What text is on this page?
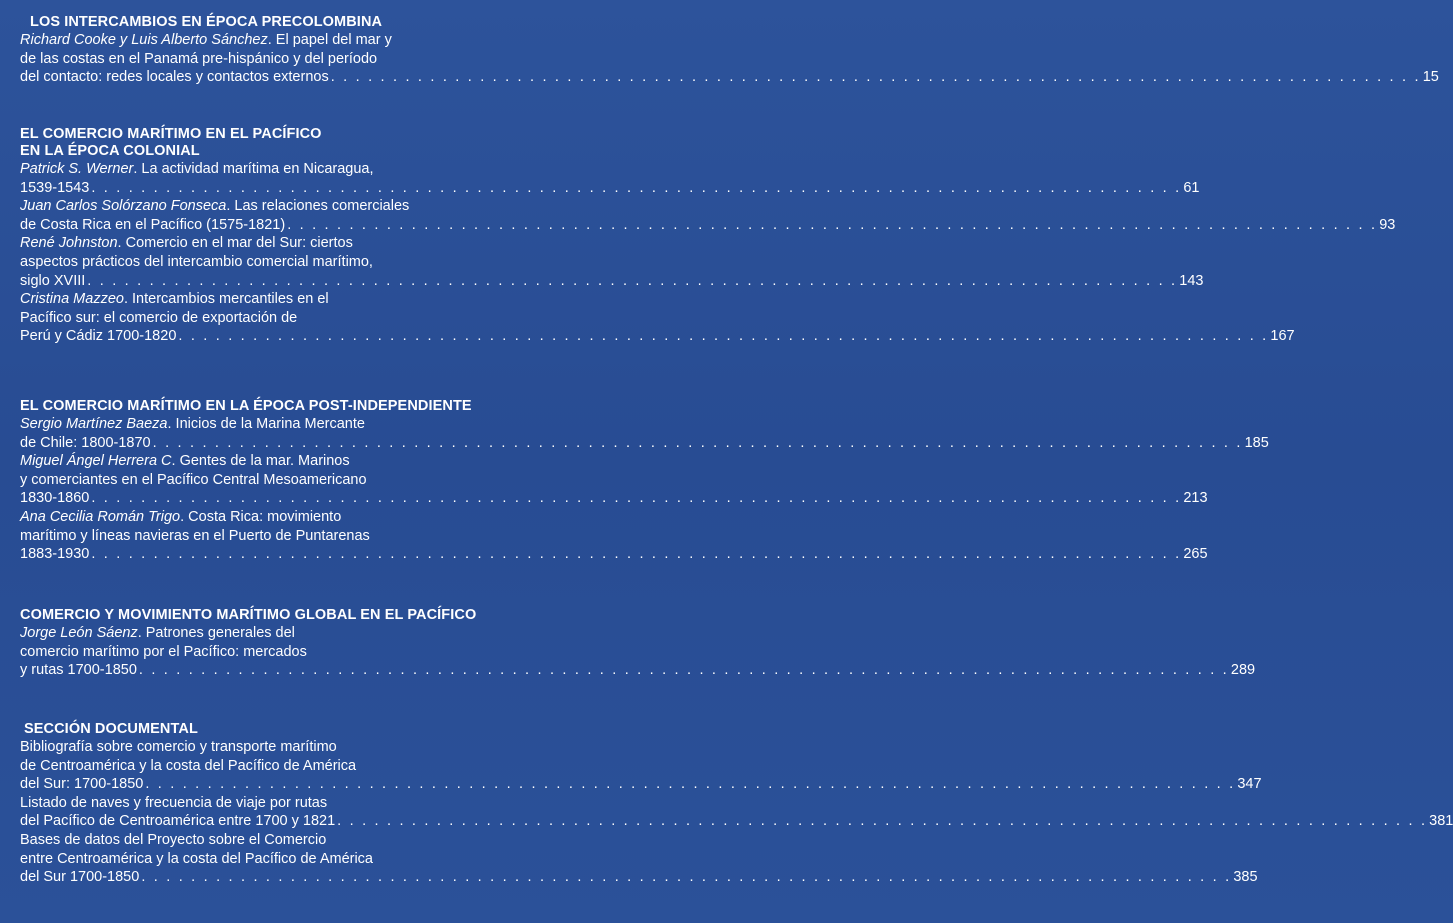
LOS INTERCAMBIOS EN ÉPOCA PRECOLOMBINA
Richard Cooke y Luis Alberto Sánchez. El papel del mar y
de las costas en el Panamá pre-hispánico y del período
del contacto: redes locales y contactos externos . . . . . . . . . . . . . . . . . . . . . . . . . . . . . . . . . . . . . . . . . . . . . . . . . . . . . . . . . . . . . . . . . . . . . . . . . . . . . . . . . . . . . . . . 15
EL COMERCIO MARÍTIMO EN EL PACÍFICO
EN LA ÉPOCA COLONIAL
Patrick S. Werner. La actividad marítima en Nicaragua,
1539-1543 . . . . . . . . . . . . . . . . . . . . . . . . . . . . . . . . . . . . . . . . . . . . . . . . . . . . . . . . . . . . . . . . . . . . . . . . . . . . . . . . . . . . . . . . 61
Juan Carlos Solórzano Fonseca. Las relaciones comerciales
de Costa Rica en el Pacífico (1575-1821) . . . . . . . . . . . . . . . . . . . . . . . . . . . . . . . . . . . . . . . . . . . . . . . . . . . . . . . . . . . . . . . . . . . . . . . . . . . . . . . . . . . . . . . . 93
René Johnston. Comercio en el mar del Sur: ciertos
aspectos prácticos del intercambio comercial marítimo,
siglo XVIII . . . . . . . . . . . . . . . . . . . . . . . . . . . . . . . . . . . . . . . . . . . . . . . . . . . . . . . . . . . . . . . . . . . . . . . . . . . . . . . . . . . . . . . . 143
Cristina Mazzeo. Intercambios mercantiles en el
Pacífico sur: el comercio de exportación de
Perú y Cádiz 1700-1820 . . . . . . . . . . . . . . . . . . . . . . . . . . . . . . . . . . . . . . . . . . . . . . . . . . . . . . . . . . . . . . . . . . . . . . . . . . . . . . . . . . . . . . . . 167
EL COMERCIO MARÍTIMO EN LA ÉPOCA POST-INDEPENDIENTE
Sergio Martínez Baeza. Inicios de la Marina Mercante
de Chile: 1800-1870 . . . . . . . . . . . . . . . . . . . . . . . . . . . . . . . . . . . . . . . . . . . . . . . . . . . . . . . . . . . . . . . . . . . . . . . . . . . . . . . . . . . . . . . . 185
Miguel Ángel Herrera C. Gentes de la mar. Marinos
y comerciantes en el Pacífico Central Mesoamericano
1830-1860 . . . . . . . . . . . . . . . . . . . . . . . . . . . . . . . . . . . . . . . . . . . . . . . . . . . . . . . . . . . . . . . . . . . . . . . . . . . . . . . . . . . . . . . . 213
Ana Cecilia Román Trigo. Costa Rica: movimiento
marítimo y líneas navieras en el Puerto de Puntarenas
1883-1930 . . . . . . . . . . . . . . . . . . . . . . . . . . . . . . . . . . . . . . . . . . . . . . . . . . . . . . . . . . . . . . . . . . . . . . . . . . . . . . . . . . . . . . . . 265
COMERCIO Y MOVIMIENTO MARÍTIMO GLOBAL EN EL PACÍFICO
Jorge León Sáenz. Patrones generales del
comercio marítimo por el Pacífico: mercados
y rutas 1700-1850 . . . . . . . . . . . . . . . . . . . . . . . . . . . . . . . . . . . . . . . . . . . . . . . . . . . . . . . . . . . . . . . . . . . . . . . . . . . . . . . . . . . . . . . . 289
SECCIÓN DOCUMENTAL
Bibliografía sobre comercio y transporte marítimo
de Centroamérica y la costa del Pacífico de América
del Sur: 1700-1850 . . . . . . . . . . . . . . . . . . . . . . . . . . . . . . . . . . . . . . . . . . . . . . . . . . . . . . . . . . . . . . . . . . . . . . . . . . . . . . . . . . . . . . . . 347
Listado de naves y frecuencia de viaje por rutas
del Pacífico de Centroamérica entre 1700 y 1821 . . . . . . . . . . . . . . . . . . . . . . . . . . . . . . . . . . . . . . . . . . . . . . . . . . . . . . . . . . . . . . . . . . . . . . . . . . . . . . . . . . . . . . . . 381
Bases de datos del Proyecto sobre el Comercio
entre Centroamérica y la costa del Pacífico de América
del Sur 1700-1850 . . . . . . . . . . . . . . . . . . . . . . . . . . . . . . . . . . . . . . . . . . . . . . . . . . . . . . . . . . . . . . . . . . . . . . . . . . . . . . . . . . . . . . . . 385
